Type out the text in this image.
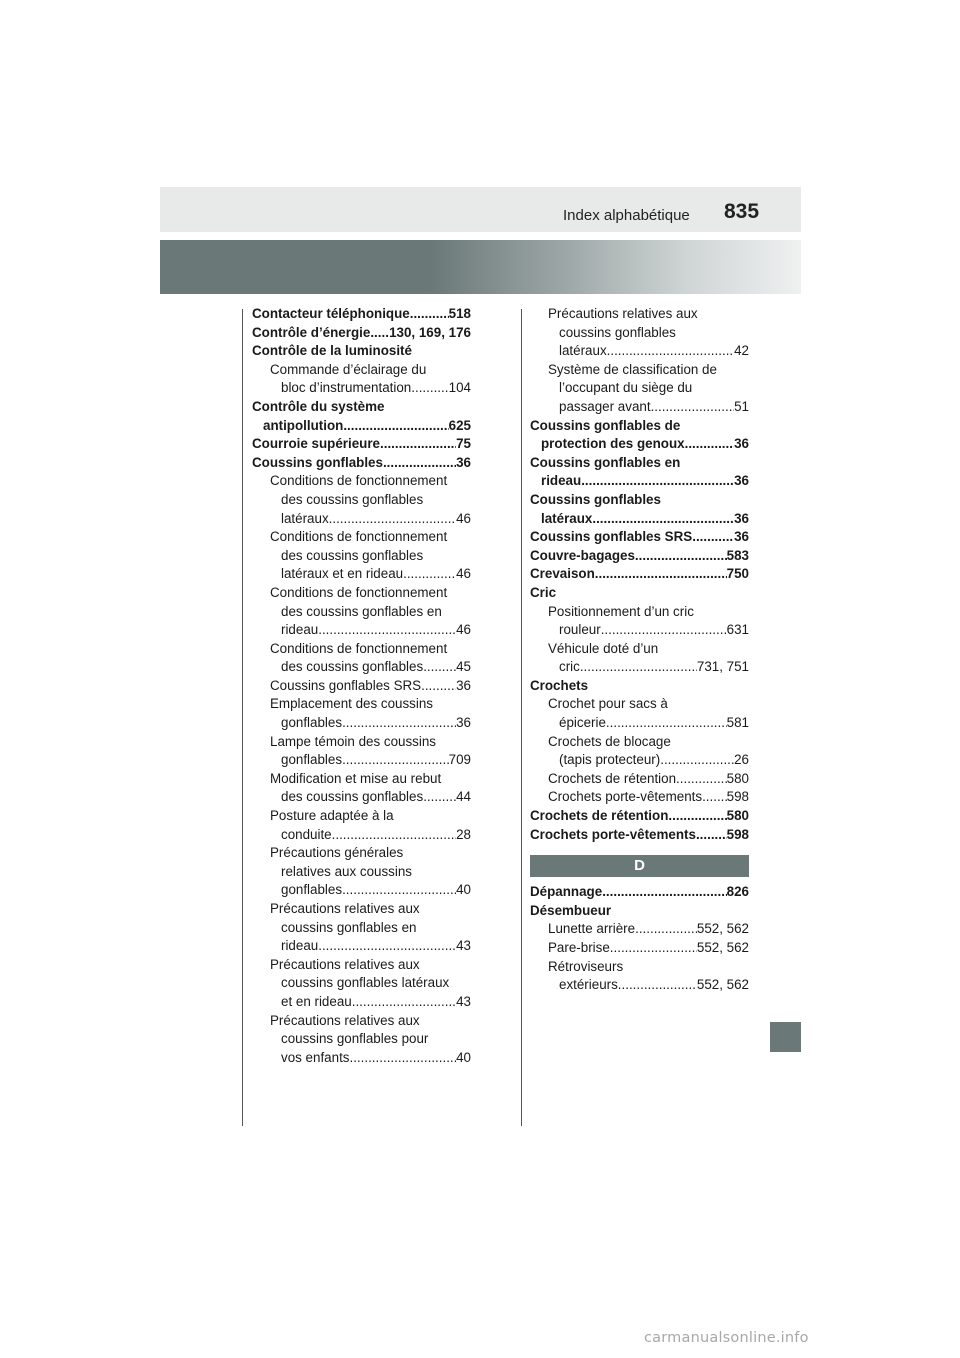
Index alphabétique 835
Contacteur téléphonique .....	518
Contrôle d’énergie ..... 130, 169, 176
Contrôle de la luminosité
Commande d’éclairage du
bloc d’instrumentation .....	104
Contrôle du système
antipollution .....	625
Courroie supérieure .....	75
Coussins gonflables .....	36
Conditions de fonctionnement
des coussins gonflables
latéraux .....	46
Conditions de fonctionnement
des coussins gonflables
latéraux et en rideau .....	46
Conditions de fonctionnement
des coussins gonflables en
rideau .....	46
Conditions de fonctionnement
des coussins gonflables ..... 45
Coussins gonflables SRS .....	36
Emplacement des coussins
gonflables .....	36
Lampe témoin des coussins
gonflables .....	709
Modification et mise au rebut
des coussins gonflables ..... 44
Posture adaptée à la
conduite .....	28
Précautions générales
relatives aux coussins
gonflables .....	40
Précautions relatives aux
coussins gonflables en
rideau .....	43
Précautions relatives aux
coussins gonflables latéraux
et en rideau .....	43
Précautions relatives aux
coussins gonflables pour
vos enfants .....	40
Précautions relatives aux
coussins gonflables
latéraux .....	42
Système de classification de
l’occupant du siège du
passager avant .....	51
Coussins gonflables de
protection des genoux .....	36
Coussins gonflables en
rideau .....	36
Coussins gonflables
latéraux .....	36
Coussins gonflables SRS .....	36
Couvre-bagages .....	583
Crevaison .....	750
Cric
Positionnement d’un cric
rouleur .....	631
Véhicule doté d’un
cric .....	731, 751
Crochets
Crochet pour sacs à
épicerie .....	581
Crochets de blocage
(tapis protecteur) .....	26
Crochets de rétention .....	580
Crochets porte-vêtements ..... 598
Crochets de rétention .....	580
Crochets porte-vêtements ..... 598
D
Dépannage .....	826
Désembueur
Lunette arrière .....	552, 562
Pare-brise .....	552, 562
Rétroviseurs
extérieurs .....	552, 562
carmanualsonline.info
